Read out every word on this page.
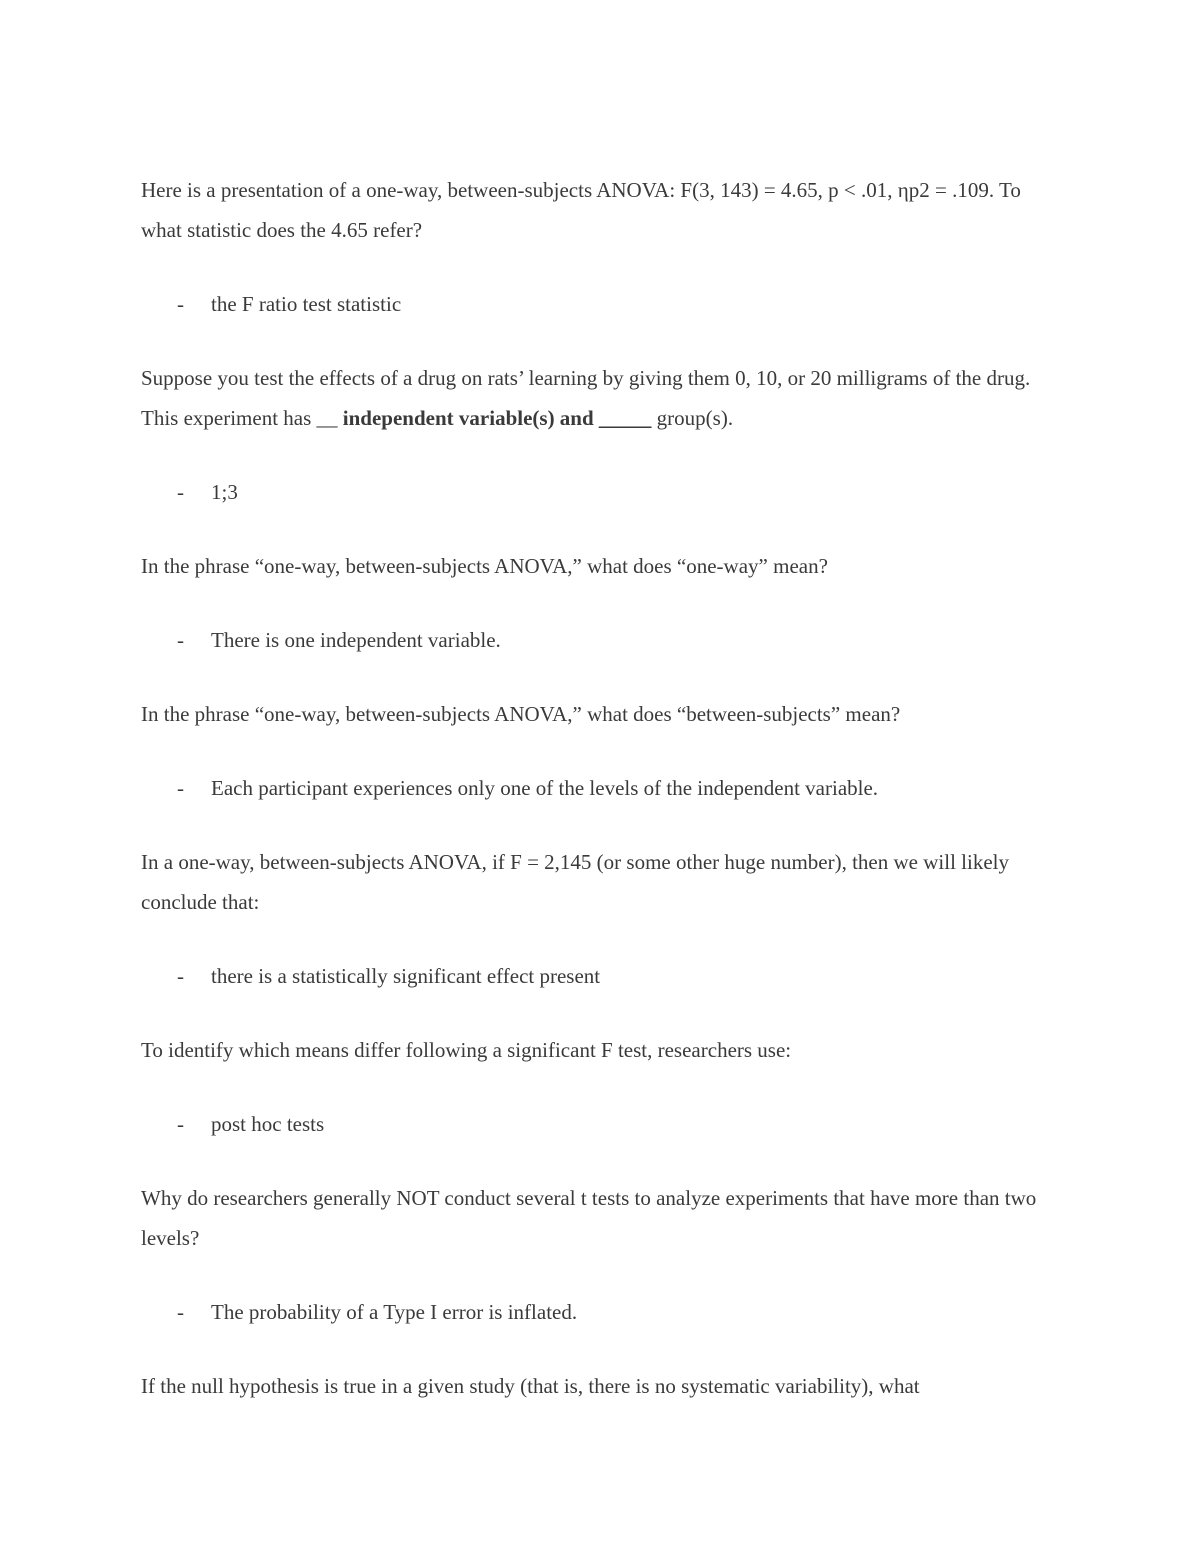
Here is a presentation of a one-way, between-subjects ANOVA: F(3, 143) = 4.65, p < .01, ηp2 = .109. To what statistic does the 4.65 refer?

- the F ratio test statistic

Suppose you test the effects of a drug on rats’ learning by giving them 0, 10, or 20 milligrams of the drug. This experiment has __ independent variable(s) and _____ group(s).

- 1;3

In the phrase “one-way, between-subjects ANOVA,” what does “one-way” mean?

- There is one independent variable.

In the phrase “one-way, between-subjects ANOVA,” what does “between-subjects” mean?

- Each participant experiences only one of the levels of the independent variable.

In a one-way, between-subjects ANOVA, if F = 2,145 (or some other huge number), then we will likely conclude that:

- there is a statistically significant effect present

To identify which means differ following a significant F test, researchers use:

- post hoc tests

Why do researchers generally NOT conduct several t tests to analyze experiments that have more than two levels?

- The probability of a Type I error is inflated.

If the null hypothesis is true in a given study (that is, there is no systematic variability), what
